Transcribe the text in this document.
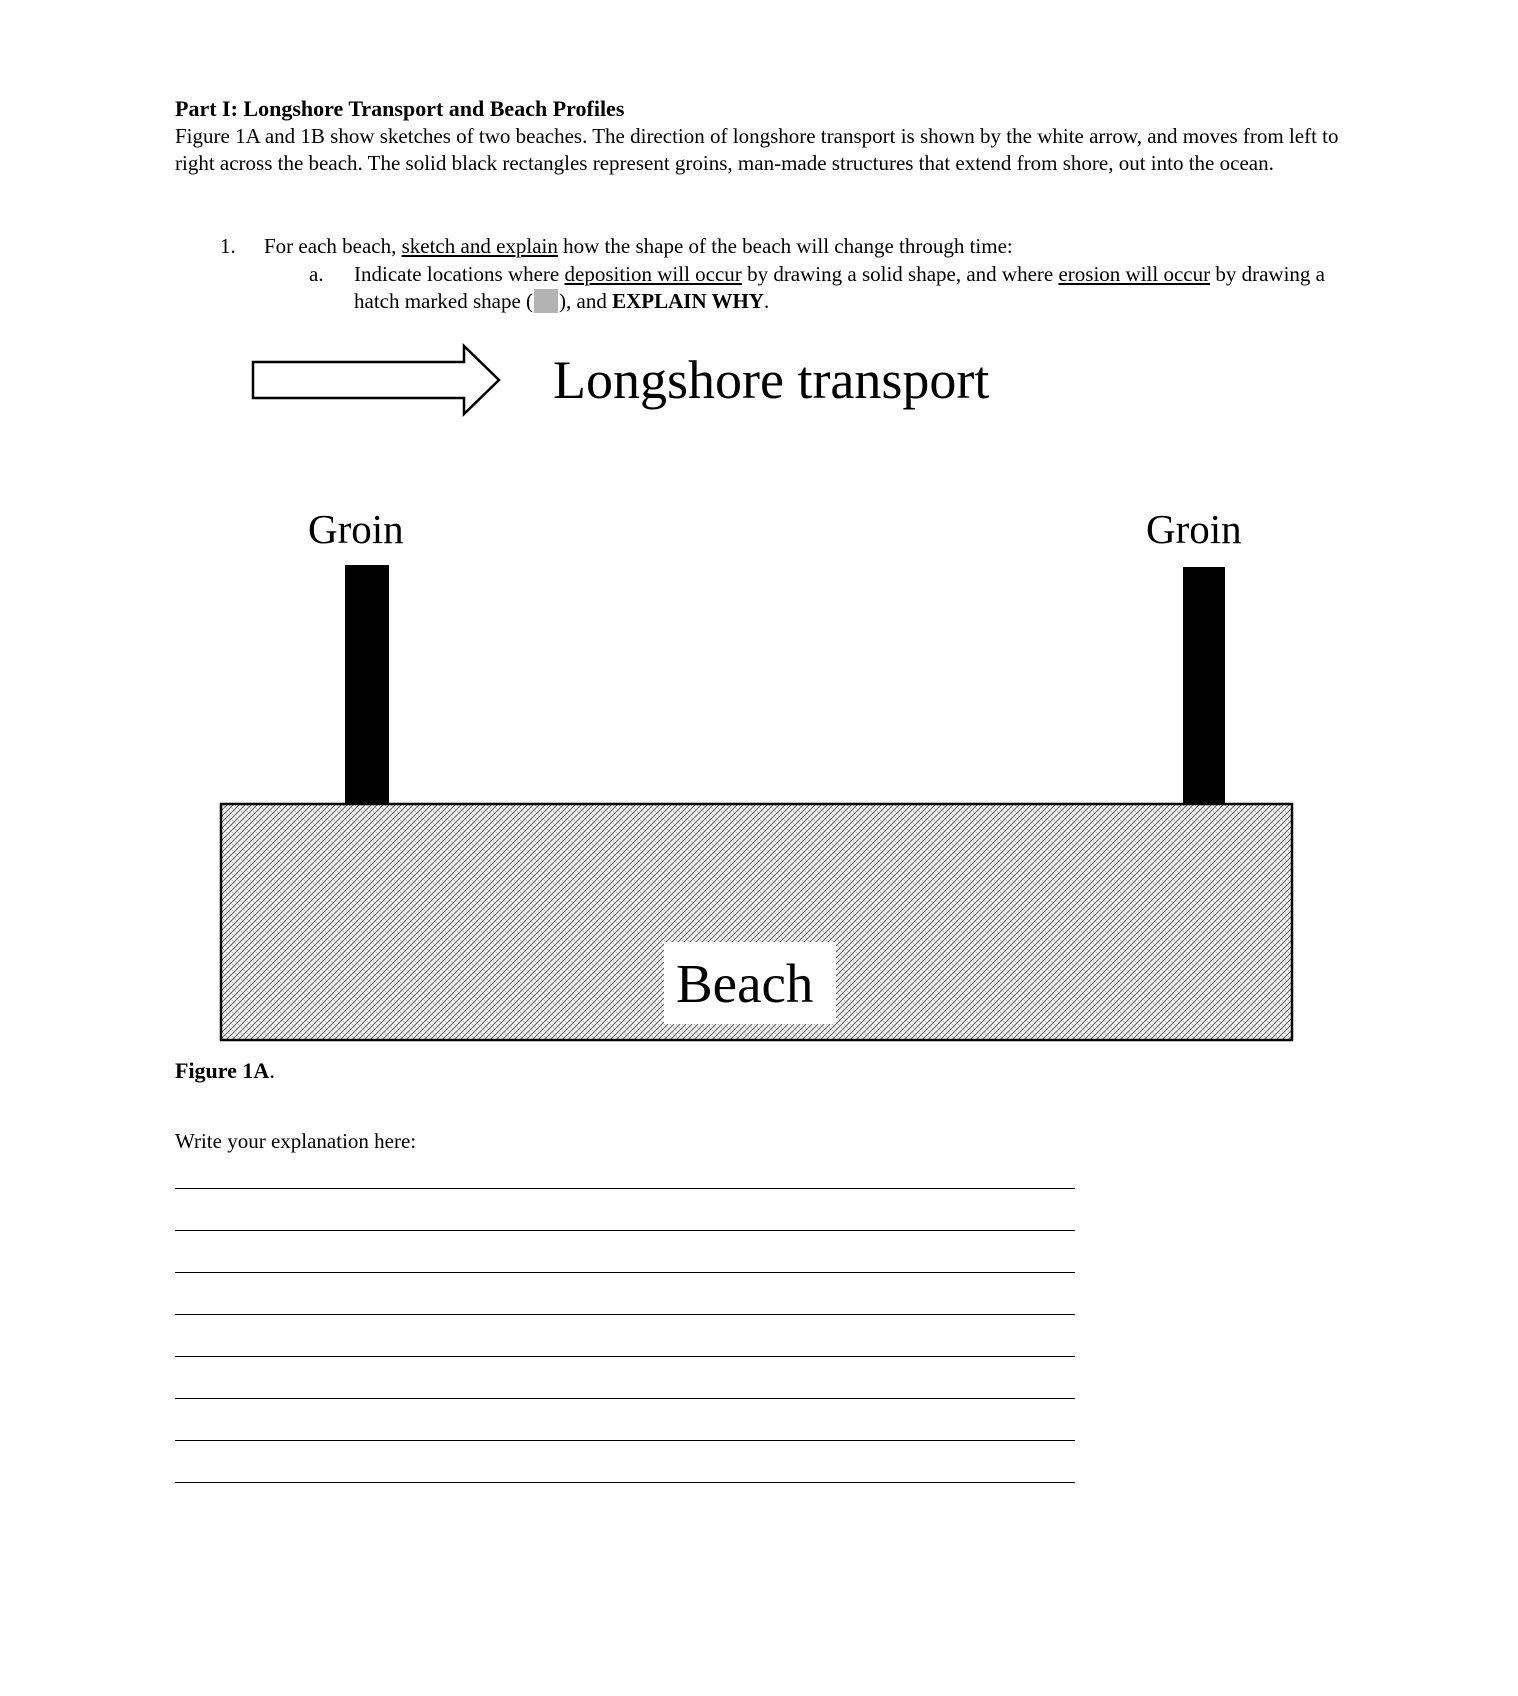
Part I: Longshore Transport and Beach Profiles
Figure 1A and 1B show sketches of two beaches. The direction of longshore transport is shown by the white arrow, and moves from left to right across the beach. The solid black rectangles represent groins, man-made structures that extend from shore, out into the ocean.
1. For each beach, sketch and explain how the shape of the beach will change through time:
a. Indicate locations where deposition will occur by drawing a solid shape, and where erosion will occur by drawing a hatch marked shape ( ), and EXPLAIN WHY.
Longshore transport
Groin	Groin
Beach
Figure 1A.
Write your explanation here:
